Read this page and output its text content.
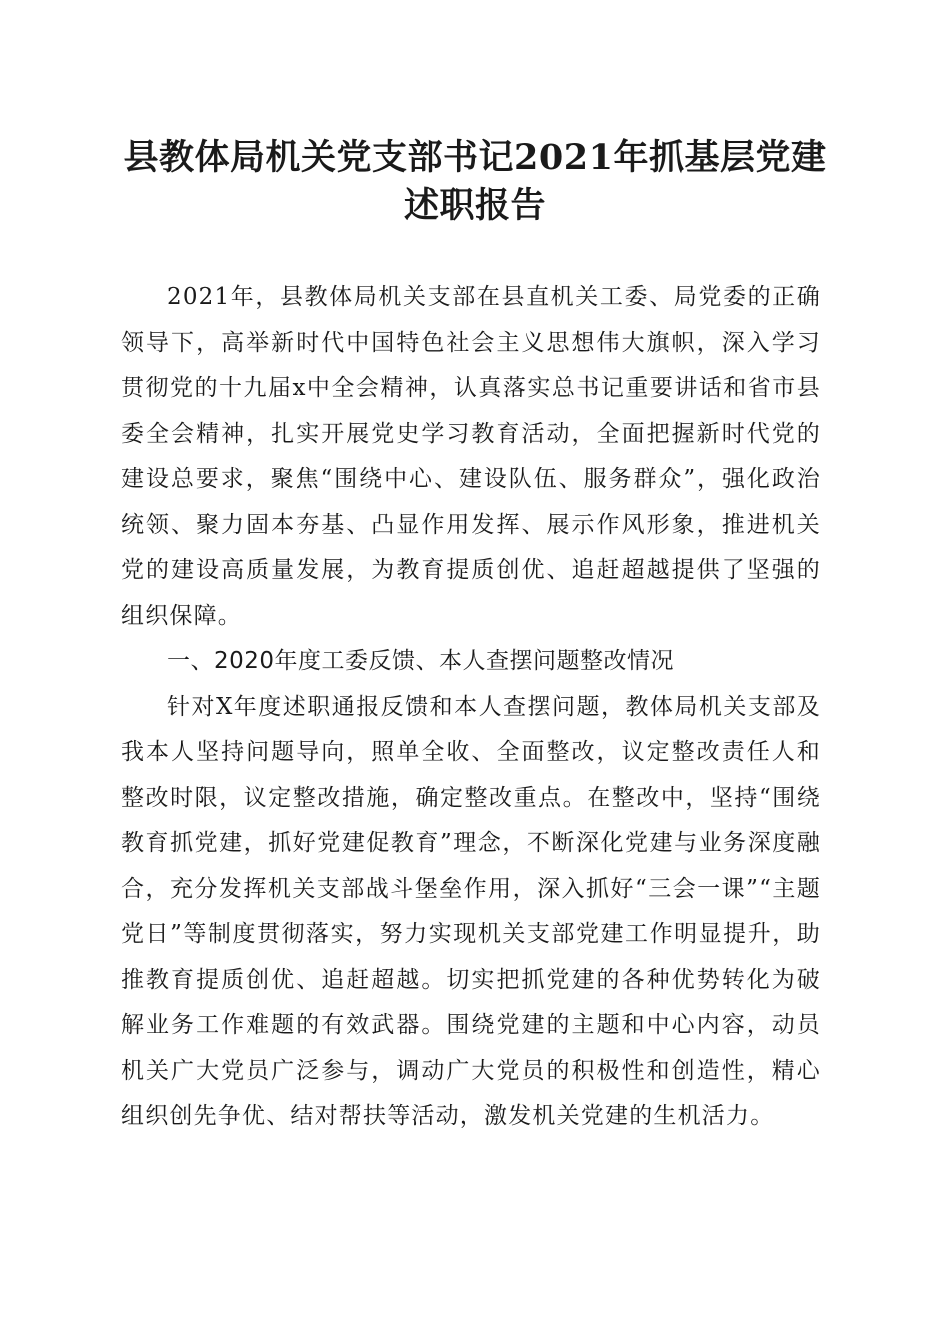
县教体局机关党支部书记2021年抓基层党建
述职报告

2021年，县教体局机关支部在县直机关工委、局党委的正确领导下，高举新时代中国特色社会主义思想伟大旗帜，深入学习贯彻党的十九届x中全会精神，认真落实总书记重要讲话和省市县委全会精神，扎实开展党史学习教育活动，全面把握新时代党的建设总要求，聚焦“围绕中心、建设队伍、服务群众”，强化政治统领、聚力固本夯基、凸显作用发挥、展示作风形象，推进机关党的建设高质量发展，为教育提质创优、追赶超越提供了坚强的组织保障。

一、2020年度工委反馈、本人查摆问题整改情况

针对X年度述职通报反馈和本人查摆问题，教体局机关支部及我本人坚持问题导向，照单全收、全面整改，议定整改责任人和整改时限，议定整改措施，确定整改重点。在整改中，坚持“围绕教育抓党建，抓好党建促教育”理念，不断深化党建与业务深度融合，充分发挥机关支部战斗堡垒作用，深入抓好“三会一课”“主题党日”等制度贯彻落实，努力实现机关支部党建工作明显提升，助推教育提质创优、追赶超越。切实把抓党建的各种优势转化为破解业务工作难题的有效武器。围绕党建的主题和中心内容，动员机关广大党员广泛参与，调动广大党员的积极性和创造性，精心组织创先争优、结对帮扶等活动，激发机关党建的生机活力。
